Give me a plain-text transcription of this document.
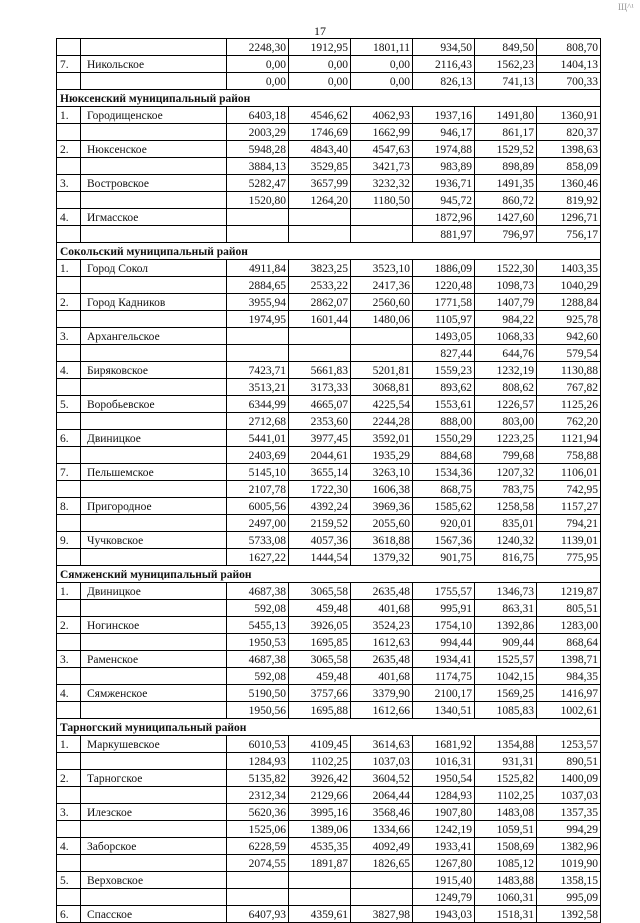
17
Щ^¹
		2248,30	1912,95	1801,11	934,50	849,50	808,70
7.	Никольское	0,00	0,00	0,00	2116,43	1562,23	1404,13
		0,00	0,00	0,00	826,13	741,13	700,33
Нюксенский муниципальный район							
1.	Городищенское	6403,18	4546,62	4062,93	1937,16	1491,80	1360,91
		2003,29	1746,69	1662,99	946,17	861,17	820,37
2.	Нюксенское	5948,28	4843,40	4547,63	1974,88	1529,52	1398,63
		3884,13	3529,85	3421,73	983,89	898,89	858,09
3.	Востровское	5282,47	3657,99	3232,32	1936,71	1491,35	1360,46
		1520,80	1264,20	1180,50	945,72	860,72	819,92
4.	Игмасское				1872,96	1427,60	1296,71
					881,97	796,97	756,17
Сокольский муниципальный район							
1.	Город Сокол	4911,84	3823,25	3523,10	1886,09	1522,30	1403,35
		2884,65	2533,22	2417,36	1220,48	1098,73	1040,29
2.	Город Кадников	3955,94	2862,07	2560,60	1771,58	1407,79	1288,84
		1974,95	1601,44	1480,06	1105,97	984,22	925,78
3.	Архангельское				1493,05	1068,33	942,60
					827,44	644,76	579,54
4.	Биряковское	7423,71	5661,83	5201,81	1559,23	1232,19	1130,88
		3513,21	3173,33	3068,81	893,62	808,62	767,82
5.	Воробьевское	6344,99	4665,07	4225,54	1553,61	1226,57	1125,26
		2712,68	2353,60	2244,28	888,00	803,00	762,20
6.	Двиницкое	5441,01	3977,45	3592,01	1550,29	1223,25	1121,94
		2403,69	2044,61	1935,29	884,68	799,68	758,88
7.	Пельшемское	5145,10	3655,14	3263,10	1534,36	1207,32	1106,01
		2107,78	1722,30	1606,38	868,75	783,75	742,95
8.	Пригородное	6005,56	4392,24	3969,36	1585,62	1258,58	1157,27
		2497,00	2159,52	2055,60	920,01	835,01	794,21
9.	Чучковское	5733,08	4057,36	3618,88	1567,36	1240,32	1139,01
		1627,22	1444,54	1379,32	901,75	816,75	775,95
Сямженский муниципальный район							
1.	Двиницкое	4687,38	3065,58	2635,48	1755,57	1346,73	1219,87
		592,08	459,48	401,68	995,91	863,31	805,51
2.	Ногинское	5455,13	3926,05	3524,23	1754,10	1392,86	1283,00
		1950,53	1695,85	1612,63	994,44	909,44	868,64
3.	Раменское	4687,38	3065,58	2635,48	1934,41	1525,57	1398,71
		592,08	459,48	401,68	1174,75	1042,15	984,35
4.	Сямженское	5190,50	3757,66	3379,90	2100,17	1569,25	1416,97
		1950,56	1695,88	1612,66	1340,51	1085,83	1002,61
Тарногский муниципальный район							
1.	Маркушевское	6010,53	4109,45	3614,63	1681,92	1354,88	1253,57
		1284,93	1102,25	1037,03	1016,31	931,31	890,51
2.	Тарногское	5135,82	3926,42	3604,52	1950,54	1525,82	1400,09
		2312,34	2129,66	2064,44	1284,93	1102,25	1037,03
3.	Илезское	5620,36	3995,16	3568,46	1907,80	1483,08	1357,35
		1525,06	1389,06	1334,66	1242,19	1059,51	994,29
4.	Заборское	6228,59	4535,35	4092,49	1933,41	1508,69	1382,96
		2074,55	1891,87	1826,65	1267,80	1085,12	1019,90
5.	Верховское				1915,40	1483,88	1358,15
					1249,79	1060,31	995,09
6.	Спасское	6407,93	4359,61	3827,98	1943,03	1518,31	1392,58
